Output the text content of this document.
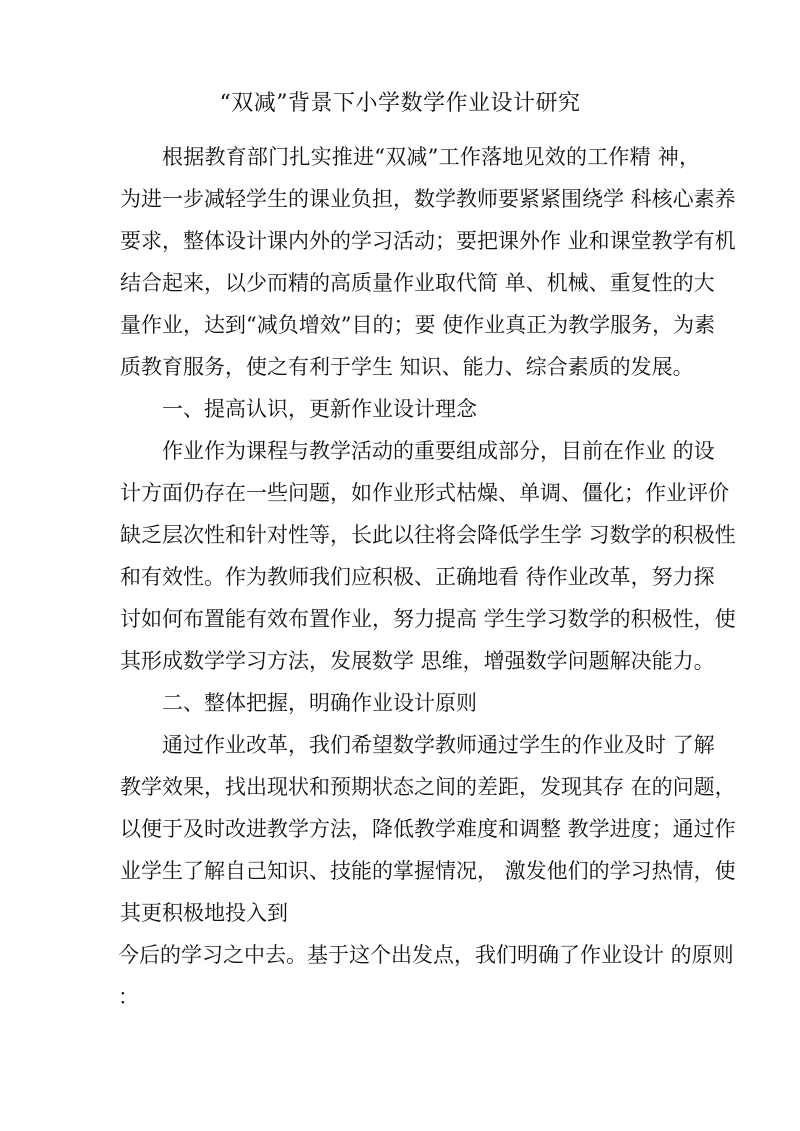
“双减”背景下小学数学作业设计研究
根据教育部门扎实推进“双减”工作落地见效的工作精 神，
为进一步减轻学生的课业负担，数学教师要紧紧围绕学 科核心素养
要求，整体设计课内外的学习活动；要把课外作 业和课堂教学有机
结合起来，以少而精的高质量作业取代简 单、机械、重复性的大
量作业，达到“减负增效”目的；要 使作业真正为教学服务，为素
质教育服务，使之有利于学生 知识、能力、综合素质的发展。
一、提高认识，更新作业设计理念
作业作为课程与教学活动的重要组成部分，目前在作业 的设
计方面仍存在一些问题，如作业形式枯燥、单调、僵化；作业评价
缺乏层次性和针对性等，长此以往将会降低学生学 习数学的积极性
和有效性。作为教师我们应积极、正确地看 待作业改革，努力探
讨如何布置能有效布置作业，努力提高 学生学习数学的积极性，使
其形成数学学习方法，发展数学 思维，增强数学问题解决能力。
二、整体把握，明确作业设计原则
通过作业改革，我们希望数学教师通过学生的作业及时 了解
教学效果，找出现状和预期状态之间的差距，发现其存 在的问题，
以便于及时改进教学方法，降低教学难度和调整 教学进度；通过作
业学生了解自己知识、技能的掌握情况， 激发他们的学习热情，使
其更积极地投入到
今后的学习之中去。基于这个出发点，我们明确了作业设计 的原则
：
